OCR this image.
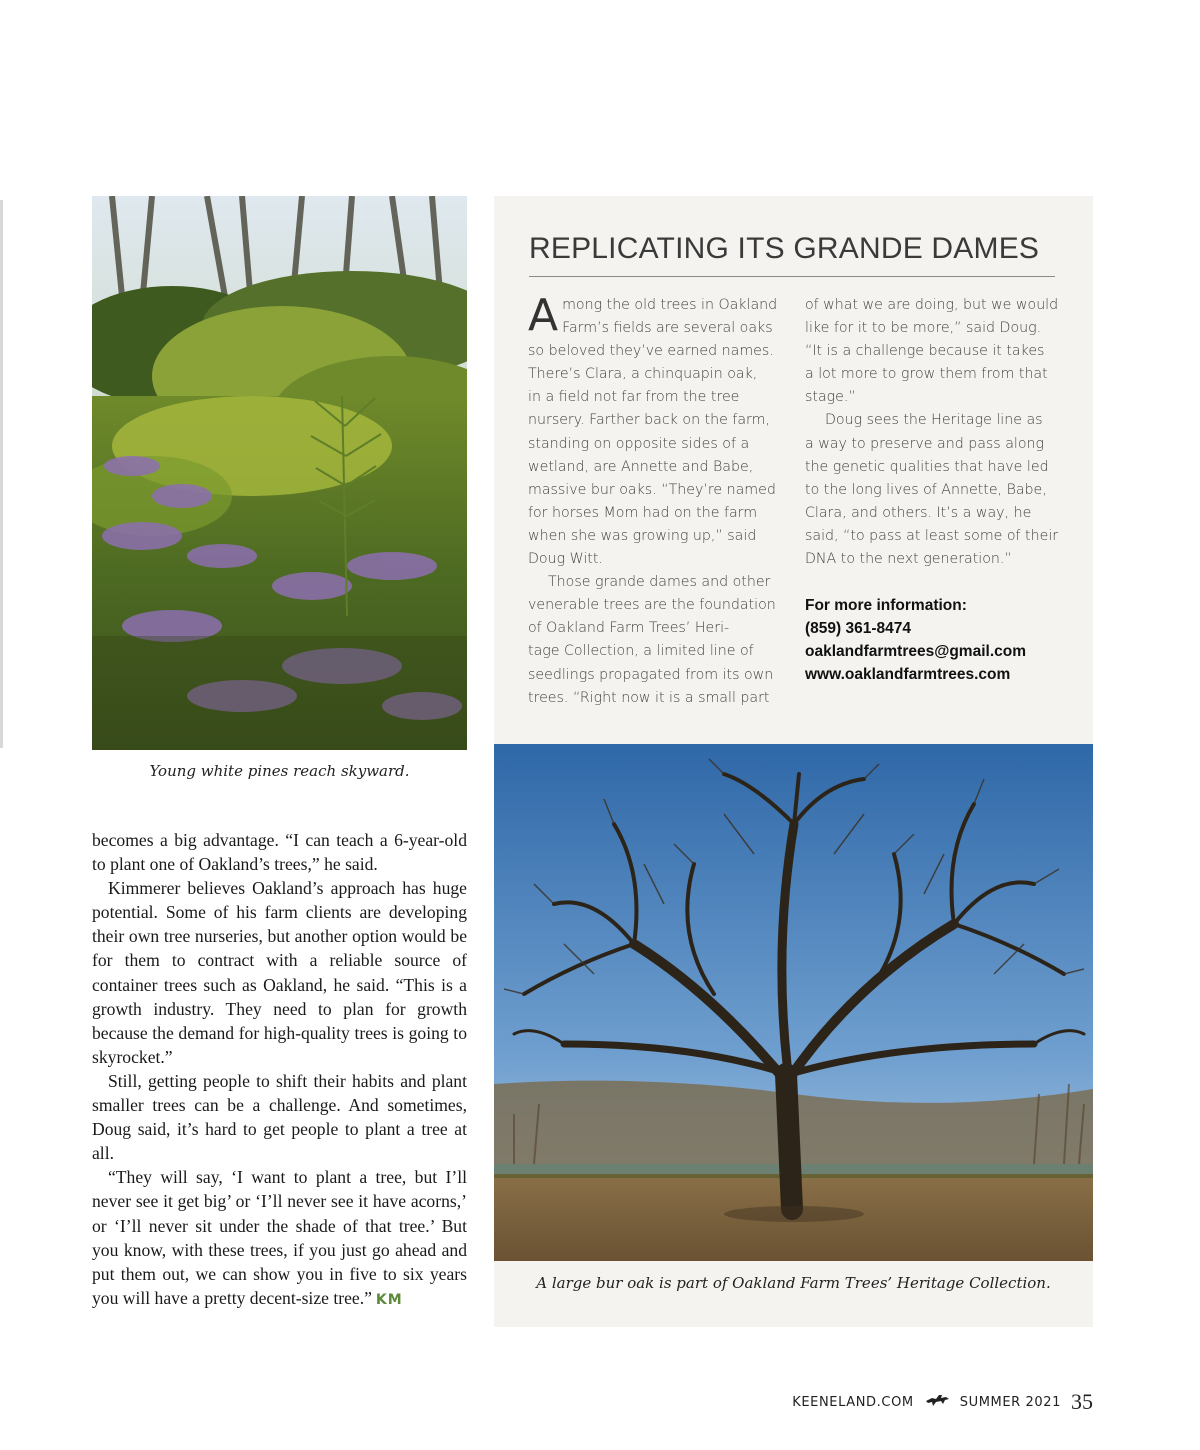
Young white pines reach skyward.

becomes a big advantage. “I can teach a 6-year-old to plant one of Oakland’s trees,” he said.

Kimmerer believes Oakland’s approach has huge potential. Some of his farm clients are developing their own tree nurseries, but another option would be for them to contract with a reliable source of container trees such as Oakland, he said. “This is a growth industry. They need to plan for growth because the demand for high-quality trees is going to skyrocket.”

Still, getting people to shift their habits and plant smaller trees can be a challenge. And sometimes, Doug said, it’s hard to get people to plant a tree at all.

“They will say, ‘I want to plant a tree, but I’ll never see it get big’ or ‘I’ll never see it have acorns,’ or ‘I’ll never sit under the shade of that tree.’ But you know, with these trees, if you just go ahead and put them out, we can show you in five to six years you will have a pretty decent-size tree.” KM

REPLICATING ITS GRANDE DAMES

Among the old trees in Oakland

Farm’s fields are several oaks

so beloved they’ve earned names.

There’s Clara, a chinquapin oak,

in a field not far from the tree

nursery. Farther back on the farm,

standing on opposite sides of a

wetland, are Annette and Babe,

massive bur oaks. “They’re named

for horses Mom had on the farm

when she was growing up,” said

Doug Witt.

Those grande dames and other

venerable trees are the foundation

of Oakland Farm Trees’ Heri-

tage Collection, a limited line of

seedlings propagated from its own

trees. “Right now it is a small part

of what we are doing, but we would

like for it to be more,” said Doug.

“It is a challenge because it takes

a lot more to grow them from that

stage.”

Doug sees the Heritage line as

a way to preserve and pass along

the genetic qualities that have led

to the long lives of Annette, Babe,

Clara, and others. It’s a way, he

said, “to pass at least some of their

DNA to the next generation.”

For more information:
(859) 361-8474
oaklandfarmtrees@gmail.com
www.oaklandfarmtrees.com
A large bur oak is part of Oakland Farm Trees’ Heritage Collection.
KEENELAND.COM	SUMMER 2021 35
